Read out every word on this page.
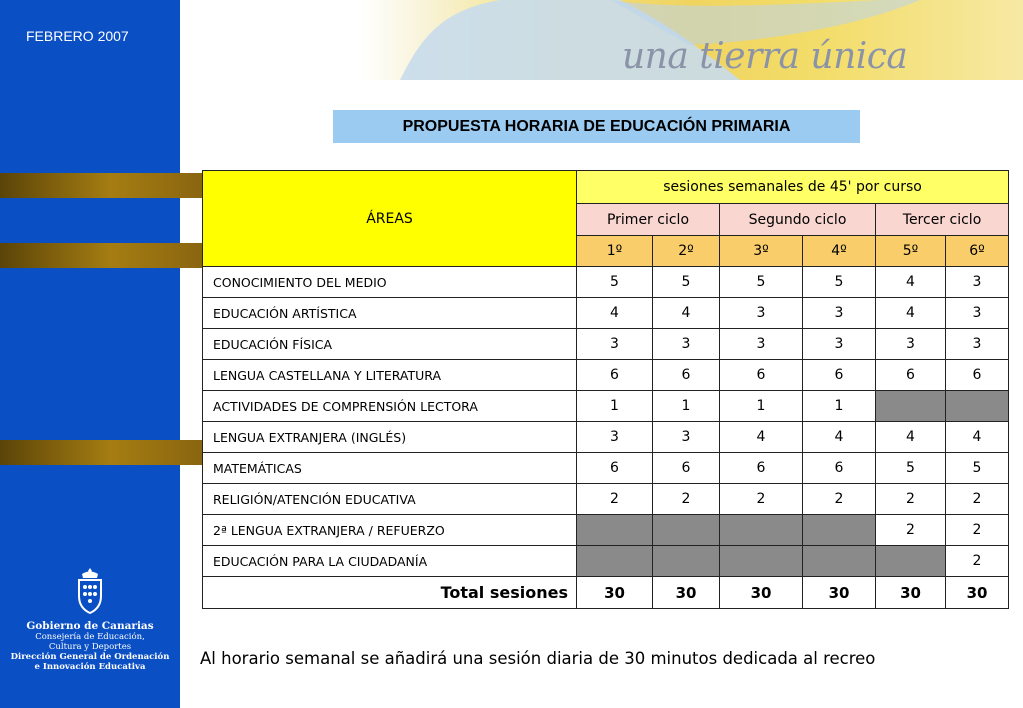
FEBRERO 2007	una tierra única
PROPUESTA HORARIA DE EDUCACIÓN PRIMARIA
ÁREAS	sesiones semanales de 45' por curso					
	Primer ciclo		Segundo ciclo		Tercer ciclo	
	1º	2º	3º	4º	5º	6º
CONOCIMIENTO DEL MEDIO	5	5	5	5	4	3
EDUCACIÓN ARTÍSTICA	4	4	3	3	4	3
EDUCACIÓN FÍSICA	3	3	3	3	3	3
LENGUA CASTELLANA Y LITERATURA	6	6	6	6	6	6
ACTIVIDADES DE COMPRENSIÓN LECTORA	1	1	1	1		
LENGUA EXTRANJERA (INGLÉS)	3	3	4	4	4	4
MATEMÁTICAS	6	6	6	6	5	5
RELIGIÓN/ATENCIÓN EDUCATIVA	2	2	2	2	2	2
2ª LENGUA EXTRANJERA / REFUERZO					2	2
EDUCACIÓN PARA LA CIUDADANÍA						2
Total sesiones	30	30	30	30	30	30
Al horario semanal se añadirá una sesión diaria de 30 minutos dedicada al recreo
Gobierno de Canarias
Consejería de Educación,
Cultura y Deportes
Dirección General de Ordenación
e Innovación Educativa
